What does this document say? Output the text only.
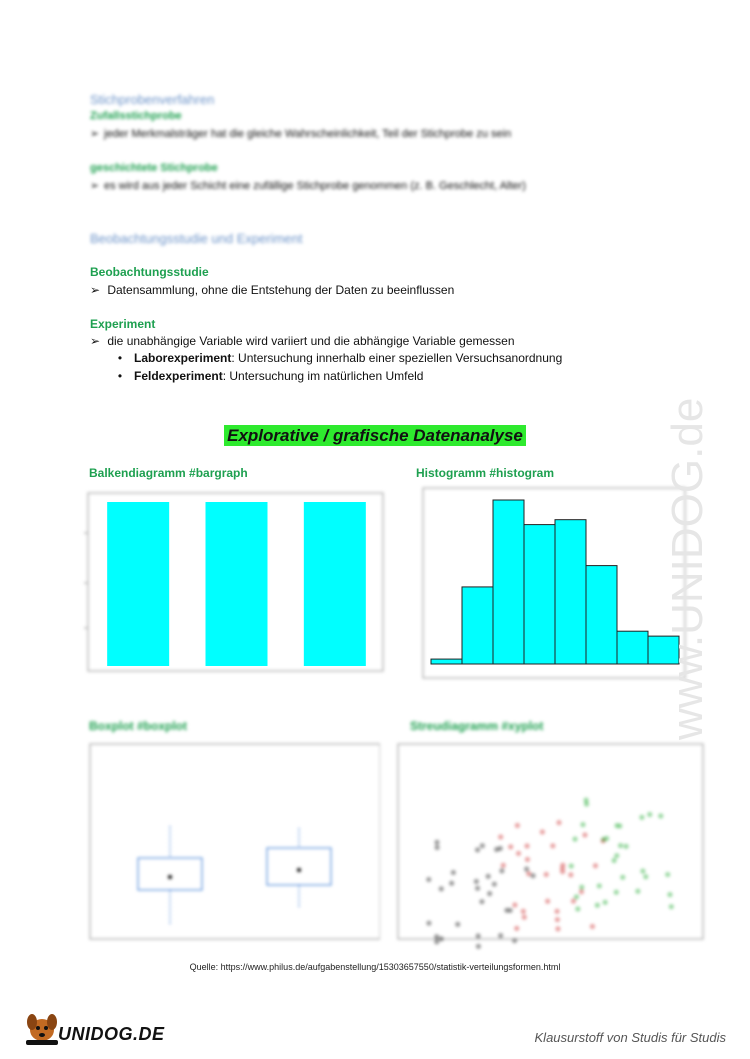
Stichprobenverfahren
Zufallsstichprobe
➢ jeder Merkmalsträger hat die gleiche Wahrscheinlichkeit, Teil der Stichprobe zu sein
geschichtete Stichprobe
➢ es wird aus jeder Schicht eine zufällige Stichprobe genommen (z. B. Geschlecht, Alter)
Beobachtungsstudie und Experiment
Beobachtungsstudie
➢ Datensammlung, ohne die Entstehung der Daten zu beeinflussen
Experiment
➢ die unabhängige Variable wird variiert und die abhängige Variable gemessen
• Laborexperiment: Untersuchung innerhalb einer speziellen Versuchsanordnung
• Feldexperiment: Untersuchung im natürlichen Umfeld
Explorative / grafische Datenanalyse
Balkendiagramm #bargraph	Histogramm #histogram
Boxplot #boxplot	Streudiagramm #xyplot
Quelle: https://www.philus.de/aufgabenstellung/15303657550/statistik-verteilungsformen.html
www.UNIDOG.de
UNIDOG.DE	Klausurstoff von Studis für Studis
